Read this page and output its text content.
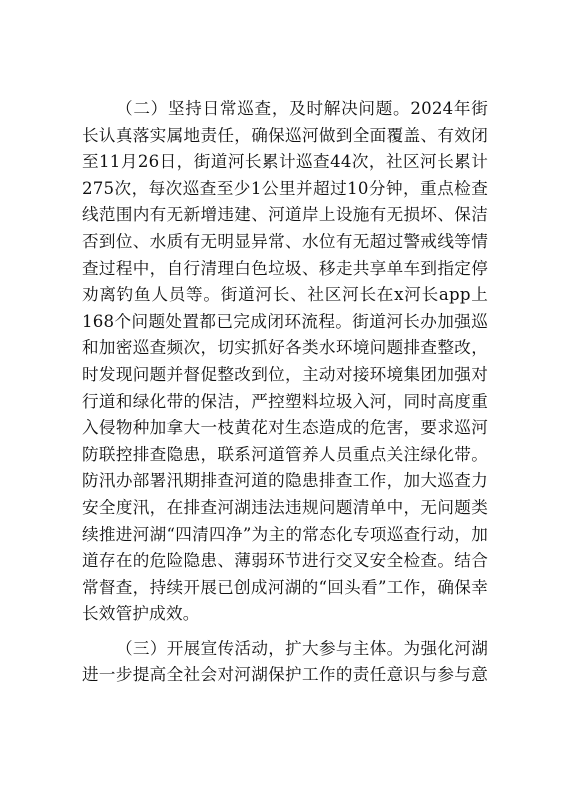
（二）坚持日常巡查，及时解决问题。2024年街
长认真落实属地责任，确保巡河做到全面覆盖、有效闭
至11月26日，街道河长累计巡查44次，社区河长累计
275次，每次巡查至少1公里并超过10分钟，重点检查
线范围内有无新增违建、河道岸上设施有无损坏、保洁
否到位、水质有无明显异常、水位有无超过警戒线等情
查过程中，自行清理白色垃圾、移走共享单车到指定停
劝离钓鱼人员等。街道河长、社区河长在x河长app上
168个问题处置都已完成闭环流程。街道河长办加强巡
和加密巡查频次，切实抓好各类水环境问题排查整改，
时发现问题并督促整改到位，主动对接环境集团加强对
行道和绿化带的保洁，严控塑料垃圾入河，同时高度重
入侵物种加拿大一枝黄花对生态造成的危害，要求巡河
防联控排查隐患，联系河道管养人员重点关注绿化带。
防汛办部署汛期排查河道的隐患排查工作，加大巡查力
安全度汛，在排查河湖违法违规问题清单中，无问题类
续推进河湖“四清四净”为主的常态化专项巡查行动，加
道存在的危险隐患、薄弱环节进行交叉安全检查。结合
常督查，持续开展已创成河湖的“回头看”工作，确保幸
长效管护成效。
（三）开展宣传活动，扩大参与主体。为强化河湖
进一步提高全社会对河湖保护工作的责任意识与参与意
